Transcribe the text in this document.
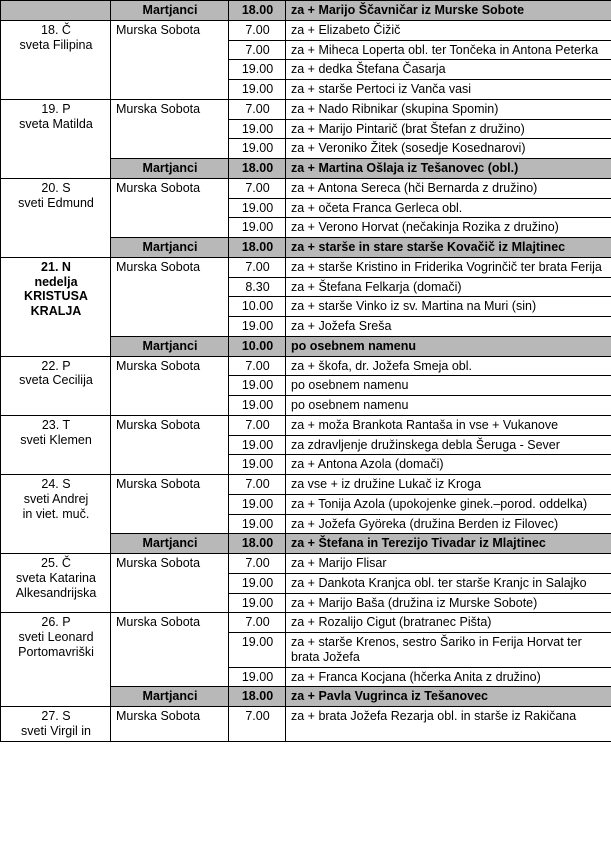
	Martjanci	18.00	za + Marijo Ščavničar iz Murske Sobote

18. Č
sveta Filipina	Murska Sobota	7.00	za + Elizabeto Čižič
		7.00	za + Miheca Loperta obl. ter Tončeka in Antona Peterka
		19.00	za + dedka Štefana Časarja
		19.00	za + starše Pertoci iz Vanča vasi

19. P
sveta Matilda	Murska Sobota	7.00	za + Nado Ribnikar (skupina Spomin)
		19.00	za + Marijo Pintarič (brat Štefan z družino)
		19.00	za + Veroniko Žitek (sosedje Kosednarovi)
	Martjanci	18.00	za + Martina Ošlaja iz Tešanovec (obl.)

20. S
sveti Edmund	Murska Sobota	7.00	za + Antona Sereca (hči Bernarda z družino)
		19.00	za + očeta Franca Gerleca obl.
		19.00	za + Verono Horvat (nečakinja Rozika z družino)
	Martjanci	18.00	za + starše in stare starše Kovačič iz Mlajtinec

21. N
nedelja
KRISTUSA
KRALJA	Murska Sobota	7.00	za + starše Kristino in Friderika Vogrinčič ter brata Ferija
		8.30	za + Štefana Felkarja (domači)
		10.00	za + starše Vinko iz sv. Martina na Muri (sin)
		19.00	za + Jožefa Sreša
	Martjanci	10.00	po osebnem namenu

22. P
sveta Cecilija	Murska Sobota	7.00	za + škofa, dr. Jožefa Smeja obl.
		19.00	po osebnem namenu
		19.00	po osebnem namenu

23. T
sveti Klemen	Murska Sobota	7.00	za + moža Brankota Rantaša in vse + Vukanove
		19.00	za zdravljenje družinskega debla Šeruga - Sever
		19.00	za + Antona Azola (domači)

24. S
sveti Andrej
in viet. muč.	Murska Sobota	7.00	za vse + iz družine Lukač iz Kroga
		19.00	za + Tonija Azola (upokojenke ginek.–porod. oddelka)
		19.00	za + Jožefa Györeka (družina Berden iz Filovec)
	Martjanci	18.00	za + Štefana in Terezijo Tivadar iz Mlajtinec

25. Č
sveta Katarina
Alkesandrijska	Murska Sobota	7.00	za + Marijo Flisar
		19.00	za + Dankota Kranjca obl. ter starše Kranjc in Salajko
		19.00	za + Marijo Baša (družina iz Murske Sobote)

26. P
sveti Leonard
Portomavriški	Murska Sobota	7.00	za + Rozalijo Cigut (bratranec Pišta)
		19.00	za + starše Krenos, sestro Šariko in Ferija Horvat ter brata Jožefa
		19.00	za + Franca Kocjana (hčerka Anita z družino)
	Martjanci	18.00	za + Pavla Vugrinca iz Tešanovec

27. S
sveti Virgil in	Murska Sobota	7.00	za + brata Jožefa Rezarja obl. in starše iz Rakičana
